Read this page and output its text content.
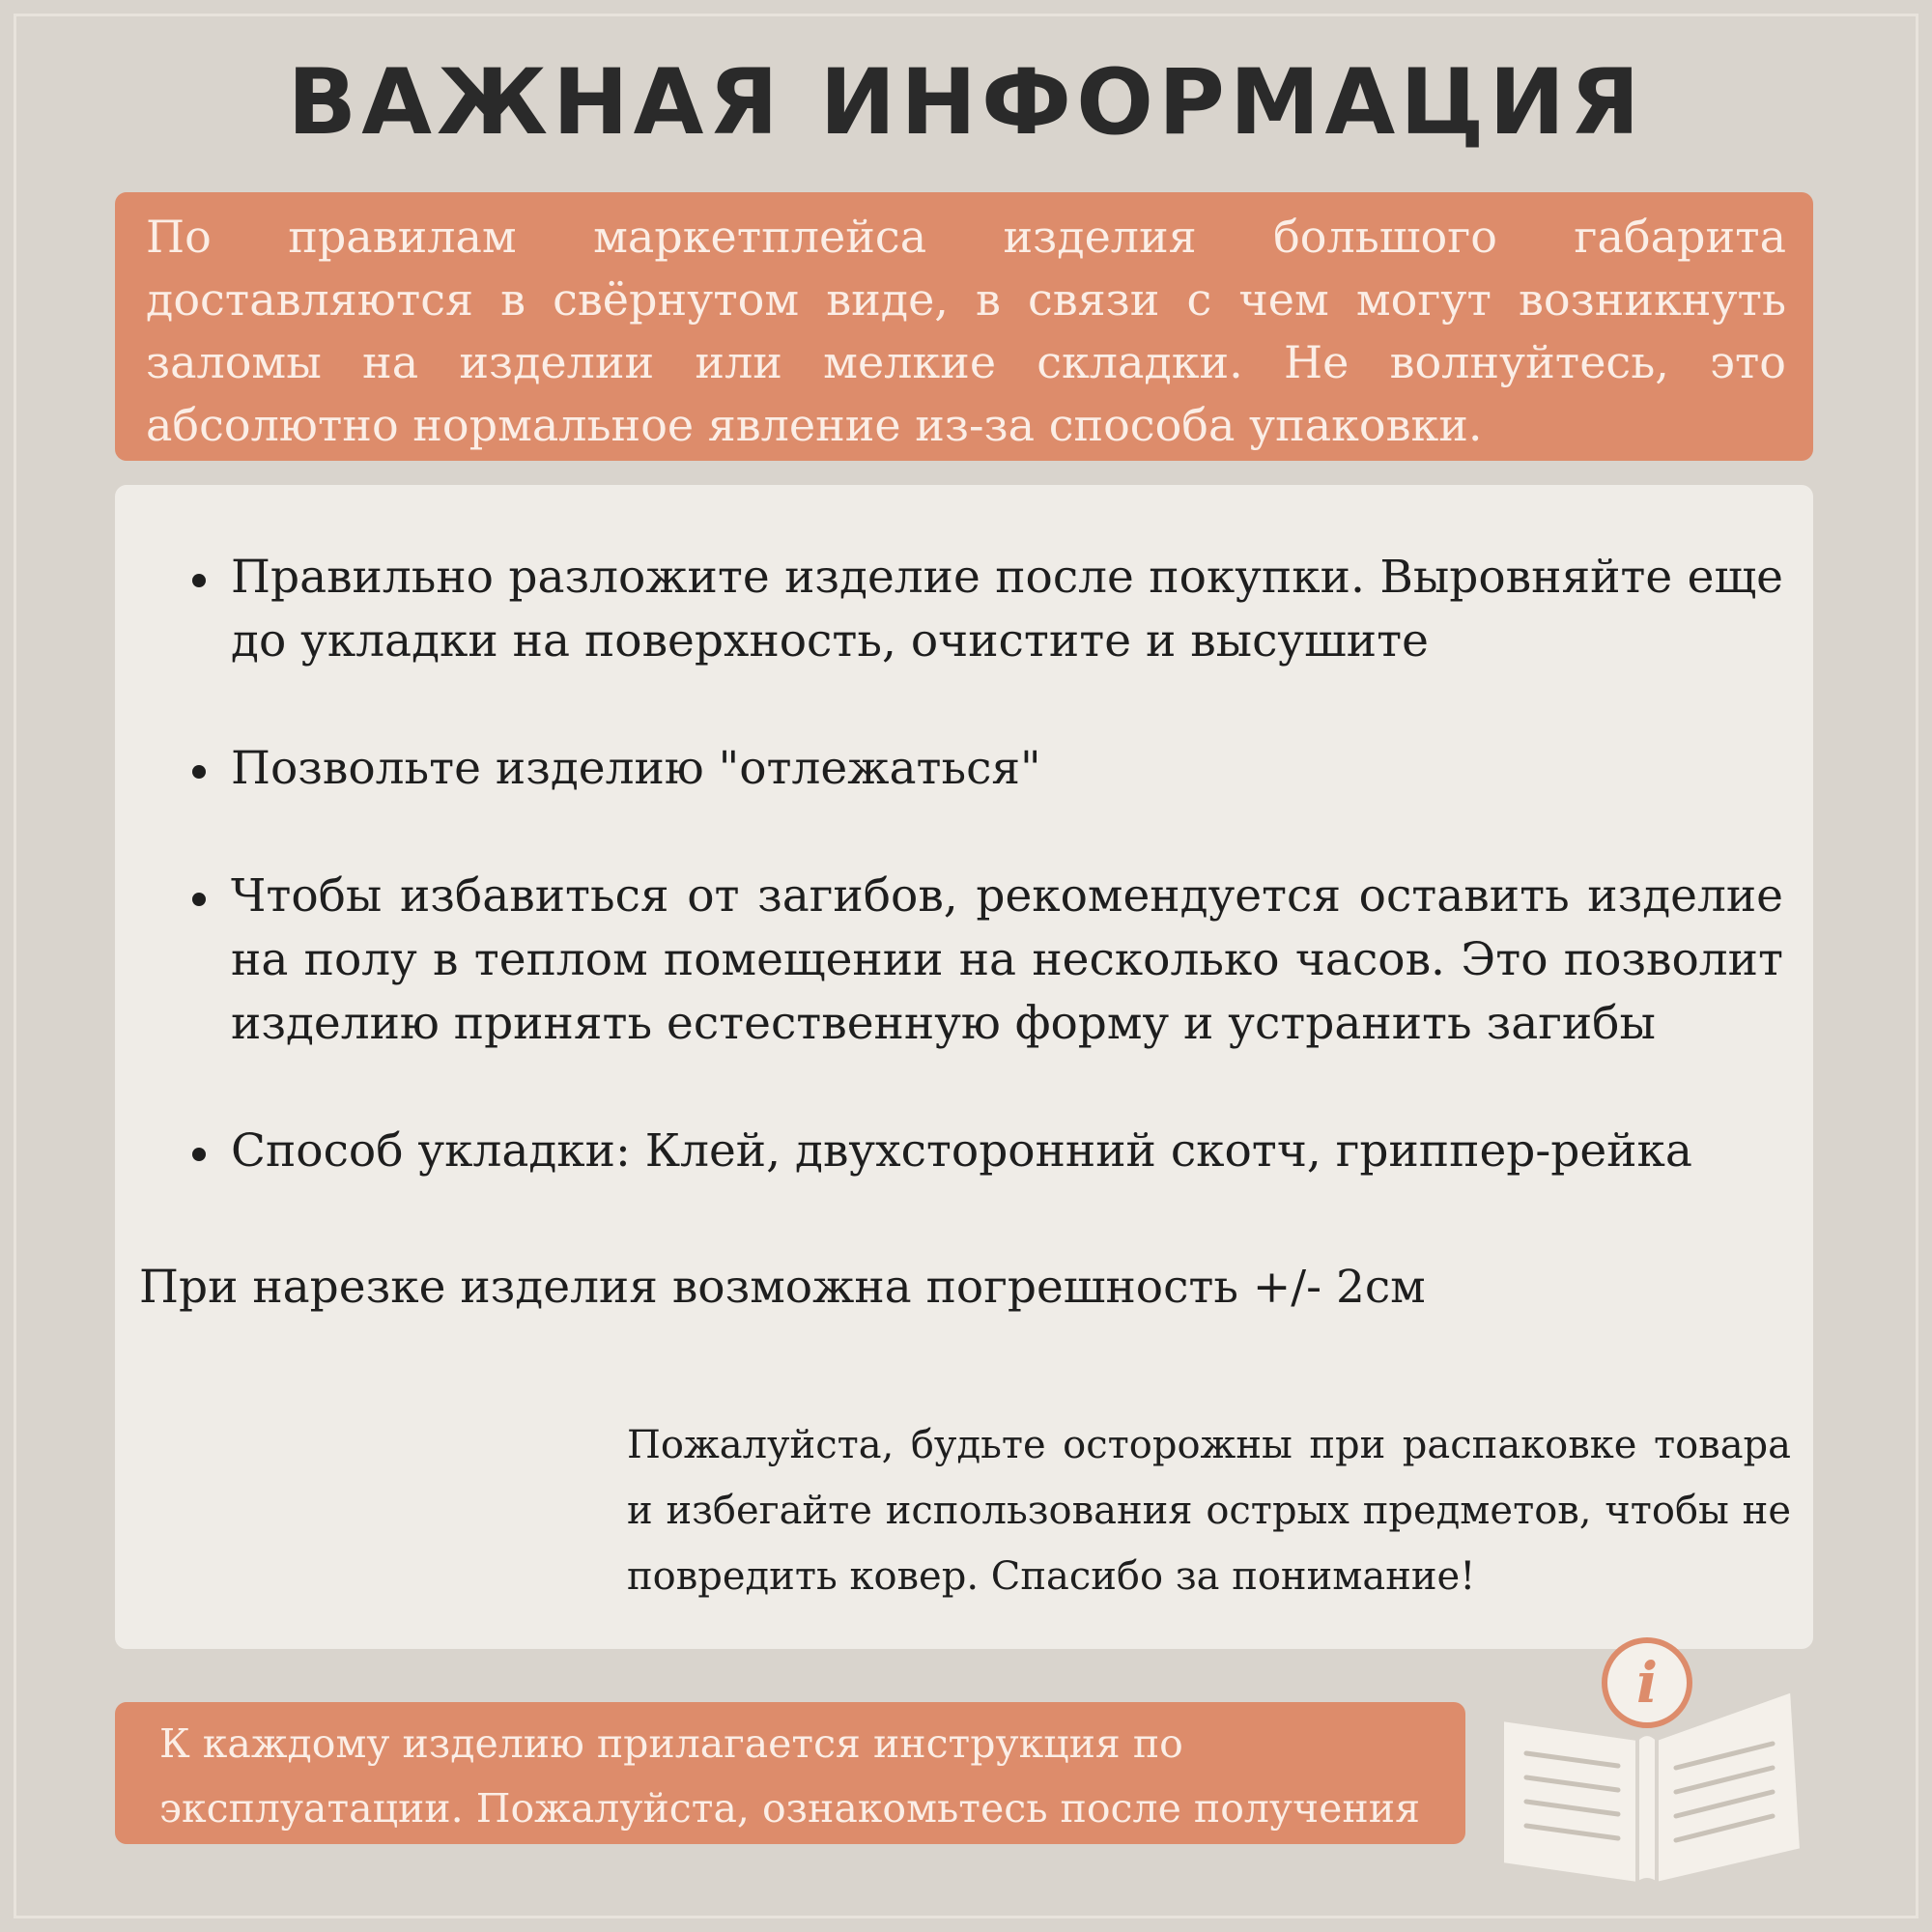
ВАЖНАЯ ИНФОРМАЦИЯ
По правилам маркетплейса изделия большого габарита доставляются в свёрнутом виде, в связи с чем могут возникнуть заломы на изделии или мелкие складки. Не волнуйтесь, это абсолютно нормальное явление из-за способа упаковки.
Правильно разложите изделие после покупки. Выровняйте еще до укладки на поверхность, очистите и высушите
Позвольте изделию "отлежаться"
Чтобы избавиться от загибов, рекомендуется оставить изделие на полу в теплом помещении на несколько часов. Это позволит изделию принять естественную форму и устранить загибы
Способ укладки: Клей, двухсторонний скотч, гриппер-рейка
При нарезке изделия возможна погрешность +/- 2см
Пожалуйста, будьте осторожны при распаковке товара и избегайте использования острых предметов, чтобы не повредить ковер. Спасибо за понимание!
К каждому изделию прилагается инструкция по эксплуатации. Пожалуйста, ознакомьтесь после получения
i
